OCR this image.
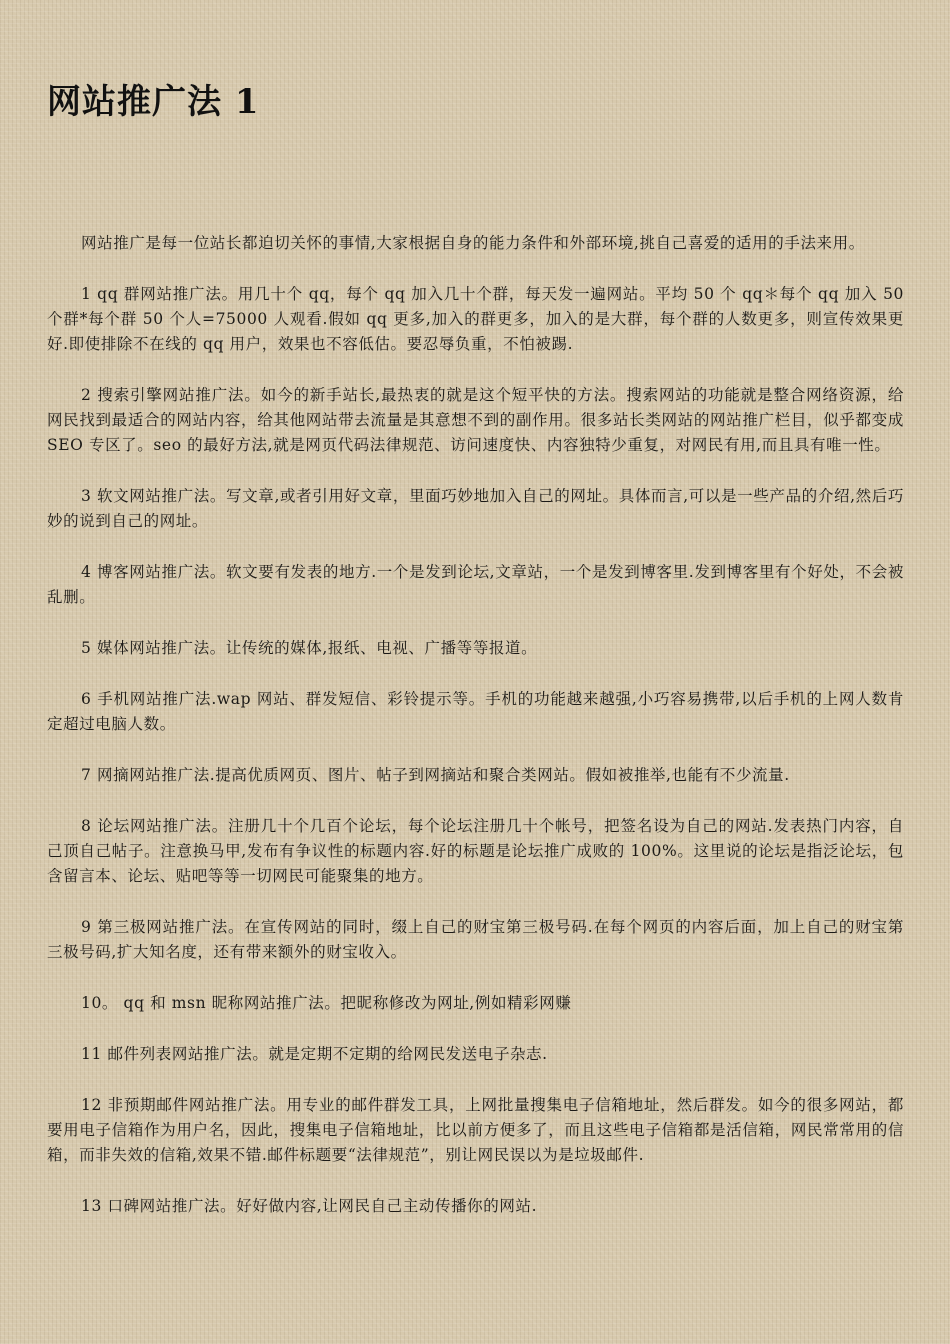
网站推广法 1

网站推广是每一位站长都迫切关怀的事情,大家根据自身的能力条件和外部环境,挑自己喜爱的适用的手法来用。

1 qq 群网站推广法。用几十个 qq，每个 qq 加入几十个群，每天发一遍网站。平均 50 个 qq＊每个 qq 加入 50 个群*每个群 50 个人=75000 人观看.假如 qq 更多,加入的群更多，加入的是大群，每个群的人数更多，则宣传效果更好.即使排除不在线的 qq 用户，效果也不容低估。要忍辱负重，不怕被踢.

2 搜索引擎网站推广法。如今的新手站长,最热衷的就是这个短平快的方法。搜索网站的功能就是整合网络资源，给网民找到最适合的网站内容，给其他网站带去流量是其意想不到的副作用。很多站长类网站的网站推广栏目，似乎都变成 SEO 专区了。seo 的最好方法,就是网页代码法律规范、访问速度快、内容独特少重复，对网民有用,而且具有唯一性。

3 软文网站推广法。写文章,或者引用好文章，里面巧妙地加入自己的网址。具体而言,可以是一些产品的介绍,然后巧妙的说到自己的网址。

4 博客网站推广法。软文要有发表的地方.一个是发到论坛,文章站，一个是发到博客里.发到博客里有个好处，不会被乱删。

5 媒体网站推广法。让传统的媒体,报纸、电视、广播等等报道。

6 手机网站推广法.wap 网站、群发短信、彩铃提示等。手机的功能越来越强,小巧容易携带,以后手机的上网人数肯定超过电脑人数。

7 网摘网站推广法.提高优质网页、图片、帖子到网摘站和聚合类网站。假如被推举,也能有不少流量.

8 论坛网站推广法。注册几十个几百个论坛，每个论坛注册几十个帐号，把签名设为自己的网站.发表热门内容，自己顶自己帖子。注意换马甲,发布有争议性的标题内容.好的标题是论坛推广成败的 100%。这里说的论坛是指泛论坛，包含留言本、论坛、贴吧等等一切网民可能聚集的地方。

9 第三极网站推广法。在宣传网站的同时，缀上自己的财宝第三极号码.在每个网页的内容后面，加上自己的财宝第三极号码,扩大知名度，还有带来额外的财宝收入。

10。 qq 和 msn 昵称网站推广法。把昵称修改为网址,例如精彩网赚

11 邮件列表网站推广法。就是定期不定期的给网民发送电子杂志.

12 非预期邮件网站推广法。用专业的邮件群发工具，上网批量搜集电子信箱地址，然后群发。如今的很多网站，都要用电子信箱作为用户名，因此，搜集电子信箱地址，比以前方便多了，而且这些电子信箱都是活信箱，网民常常用的信箱，而非失效的信箱,效果不错.邮件标题要“法律规范”，别让网民误以为是垃圾邮件.

13 口碑网站推广法。好好做内容,让网民自己主动传播你的网站.
